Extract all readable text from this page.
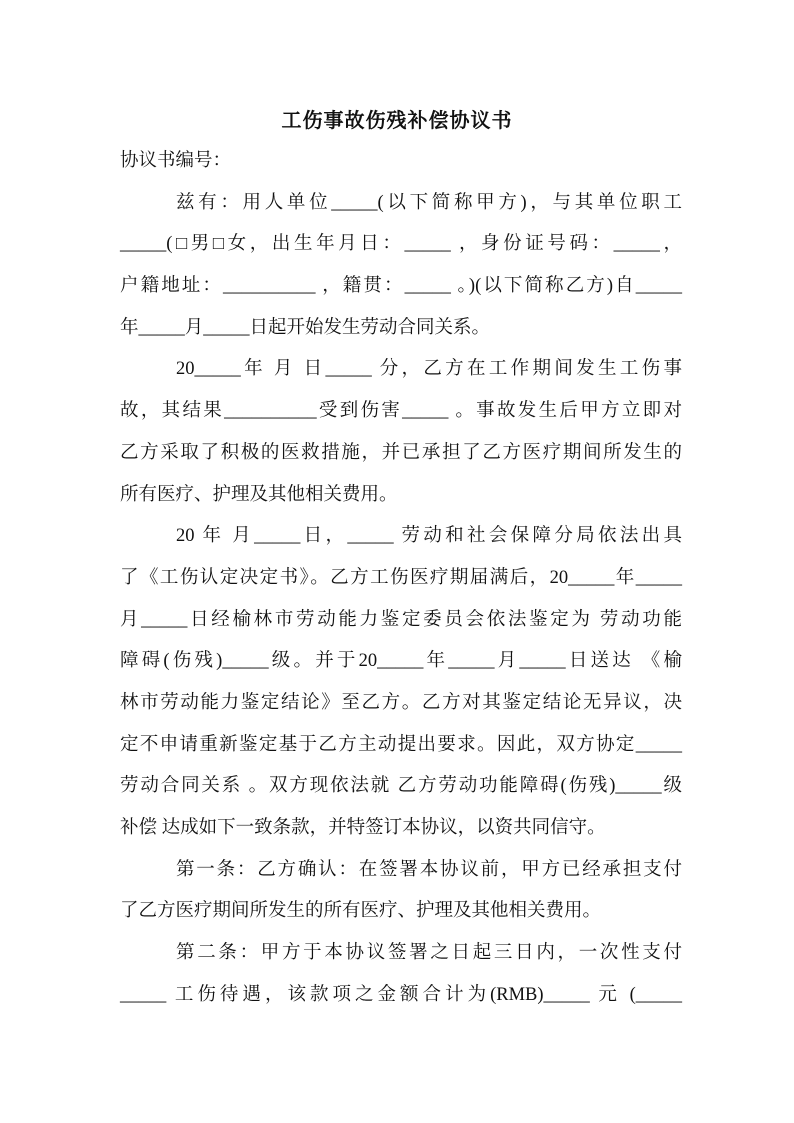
工伤事故伤残补偿协议书
协议书编号：
兹有：用人单位_____(以下简称甲方)，与其单位职工
_____(□男□女，出生年月日：_____ ，身份证号码：_____，
户籍地址：__________ ，籍贯：_____ 。)(以下简称乙方)自_____
年_____月_____日起开始发生劳动合同关系。
20_____年 月 日_____ 分，乙方在工作期间发生工伤事
故，其结果__________受到伤害_____ 。事故发生后甲方立即对
乙方采取了积极的医救措施，并已承担了乙方医疗期间所发生的
所有医疗、护理及其他相关费用。
20 年 月_____日，_____ 劳动和社会保障分局依法出具
了《工伤认定决定书》。乙方工伤医疗期届满后，20_____年_____
月_____日经榆林市劳动能力鉴定委员会依法鉴定为 劳动功能
障碍(伤残)_____级。并于20_____年_____月_____日送达 《榆
林市劳动能力鉴定结论》至乙方。乙方对其鉴定结论无异议，决
定不申请重新鉴定基于乙方主动提出要求。因此，双方协定_____
劳动合同关系 。双方现依法就 乙方劳动功能障碍(伤残)_____级
补偿 达成如下一致条款，并特签订本协议，以资共同信守。
第一条：乙方确认：在签署本协议前，甲方已经承担支付
了乙方医疗期间所发生的所有医疗、护理及其他相关费用。
第二条：甲方于本协议签署之日起三日内，一次性支付
_____ 工伤待遇，该款项之金额合计为(RMB)_____ 元 (_____
